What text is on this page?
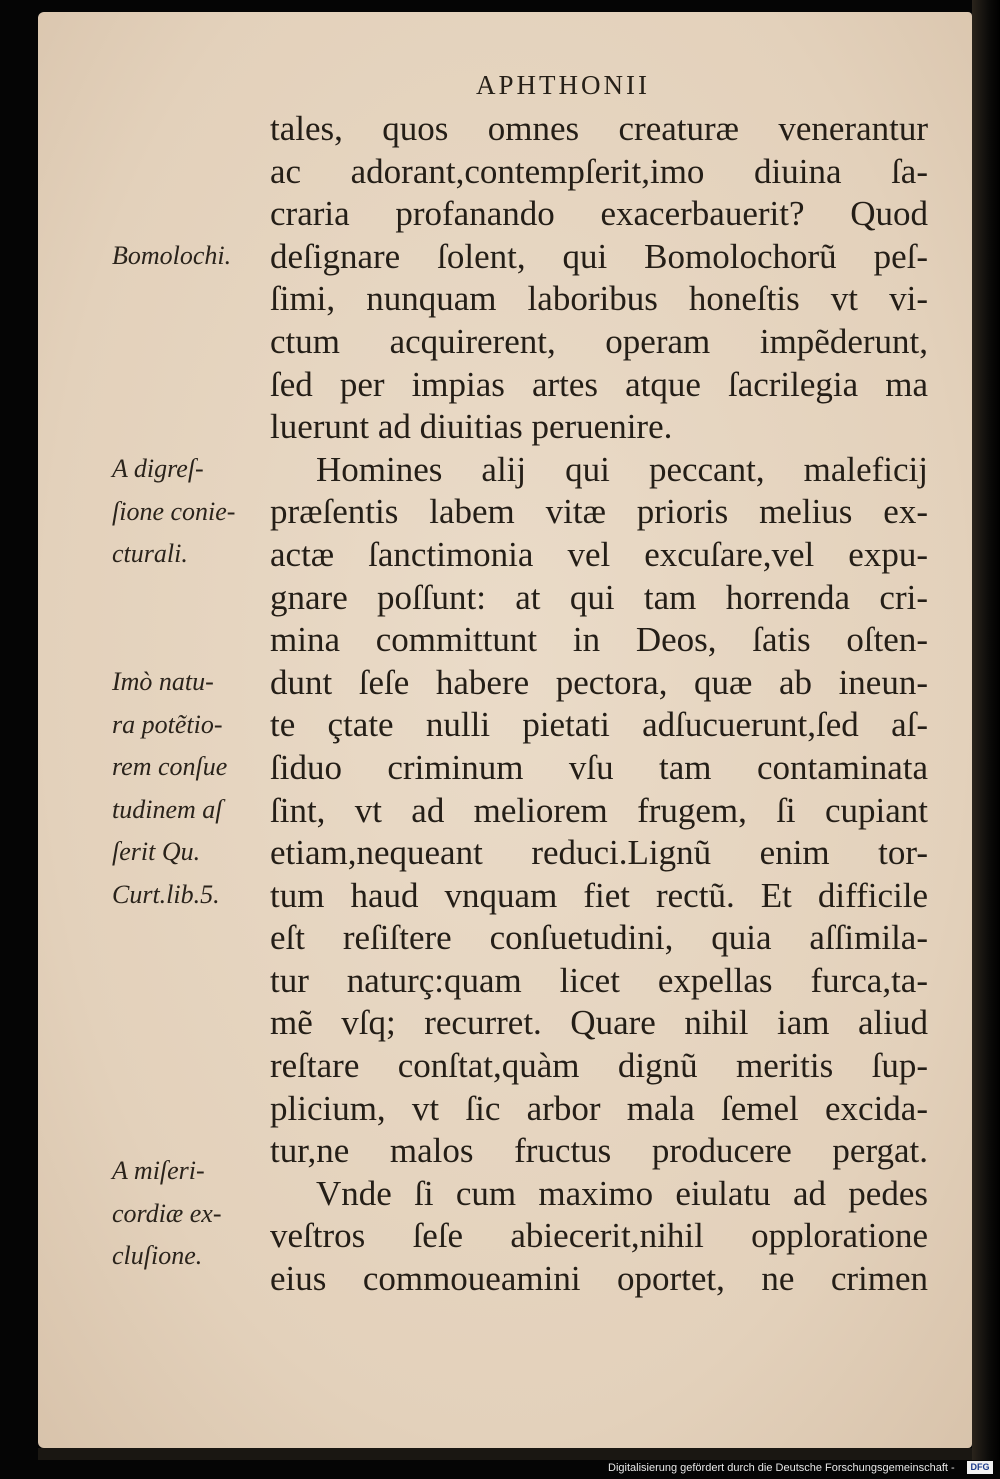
APHTHONII
tales, quos omnes creaturæ venerantur
ac adorant,contempſerit,imo diuina ſa-
craria profanando exacerbauerit? Quod
deſignare ſolent, qui Bomolochorũ peſ-
ſimi, nunquam laboribus honeſtis vt vi-
ctum acquirerent, operam impẽderunt,
ſed per impias artes atque ſacrilegia ma
luerunt ad diuitias peruenire.
Homines alij qui peccant, maleficij
præſentis labem vitæ prioris melius ex-
actæ ſanctimonia vel excuſare,vel expu-
gnare poſſunt: at qui tam horrenda cri-
mina committunt in Deos, ſatis oſten-
dunt ſeſe habere pectora, quæ ab ineun-
te çtate nulli pietati adſucuerunt,ſed aſ-
ſiduo criminum vſu tam contaminata
ſint, vt ad meliorem frugem, ſi cupiant
etiam,nequeant reduci.Lignũ enim tor-
tum haud vnquam fiet rectũ. Et difficile
eſt reſiſtere conſuetudini, quia aſſimila-
tur naturç:quam licet expellas furca,ta-
mẽ vſq; recurret. Quare nihil iam aliud
reſtare conſtat,quàm dignũ meritis ſup-
plicium, vt ſic arbor mala ſemel excida-
tur,ne malos fructus producere pergat.
Vnde ſi cum maximo eiulatu ad pedes
veſtros ſeſe abiecerit,nihil opploratione
eius commoueamini oportet, ne crimen
Bomolochi.
A digreſ-
ſione conie-
cturali.
Imò natu-
ra potẽtio-
rem conſue
tudinem aſ
ſerit Qu.
Curt.lib.5.
A miſeri-
cordiæ ex-
cluſione.
Digitalisierung gefördert durch die Deutsche Forschungsgemeinschaft -	DFG
